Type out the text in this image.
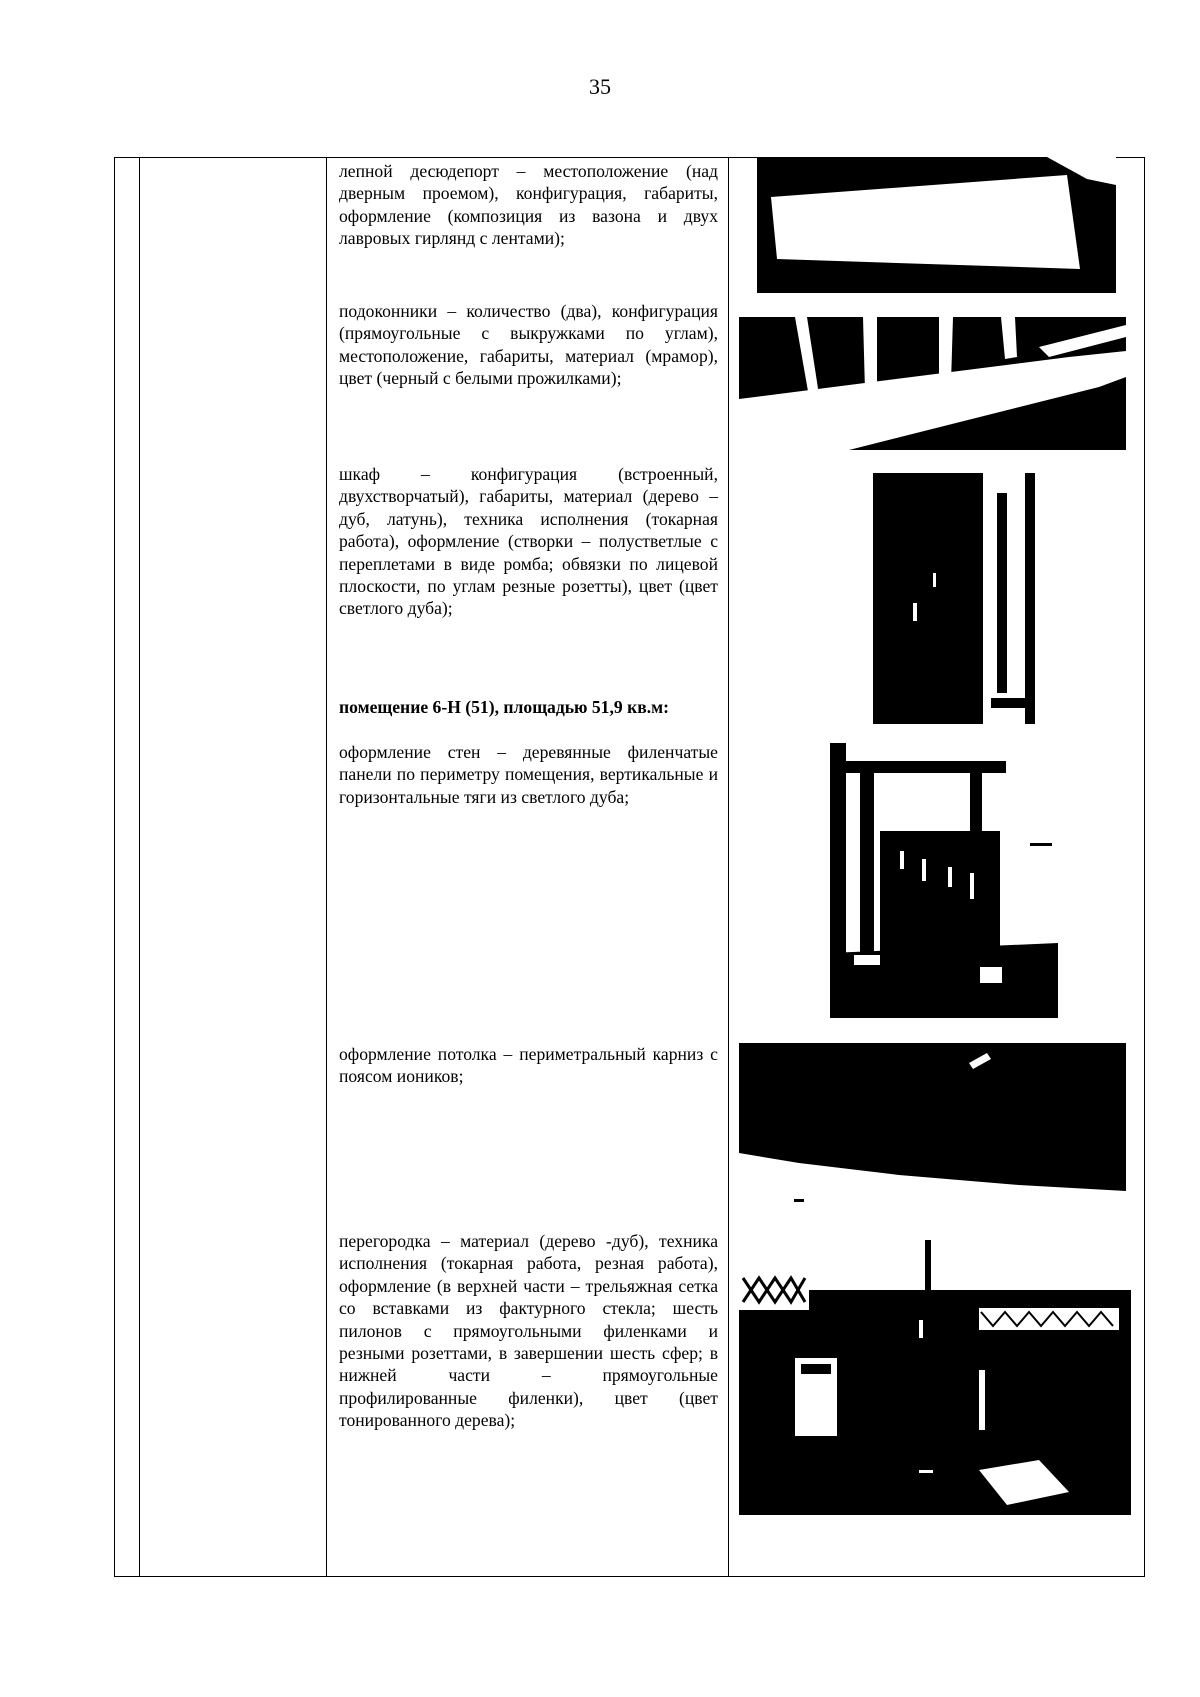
35
лепной десюдепорт – местоположение (над дверным проемом), конфигурация, габариты, оформление (композиция из вазона и двух лавровых гирлянд с лентами);
подоконники – количество (два), конфигурация (прямоугольные с выкружками по углам), местоположение, габариты, материал (мрамор), цвет (черный с белыми прожилками);
шкаф – конфигурация (встроенный, двухстворчатый), габариты, материал (дерево – дуб, латунь), техника исполнения (токарная работа), оформление (створки – полустветлые с переплетами в виде ромба; обвязки по лицевой плоскости, по углам резные розетты), цвет (цвет светлого дуба);
помещение 6-Н (51), площадью 51,9 кв.м:
оформление стен – деревянные филенчатые панели по периметру помещения, вертикальные и горизонтальные тяги из светлого дуба;
оформление потолка – периметральный карниз с поясом иоников;
перегородка – материал (дерево -дуб), техника исполнения (токарная работа, резная работа), оформление (в верхней части – трельяжная сетка со вставками из фактурного стекла; шесть пилонов с прямоугольными филенками и резными розеттами, в завершении шесть сфер; в нижней части – прямоугольные профилированные филенки), цвет (цвет тонированного дерева);
